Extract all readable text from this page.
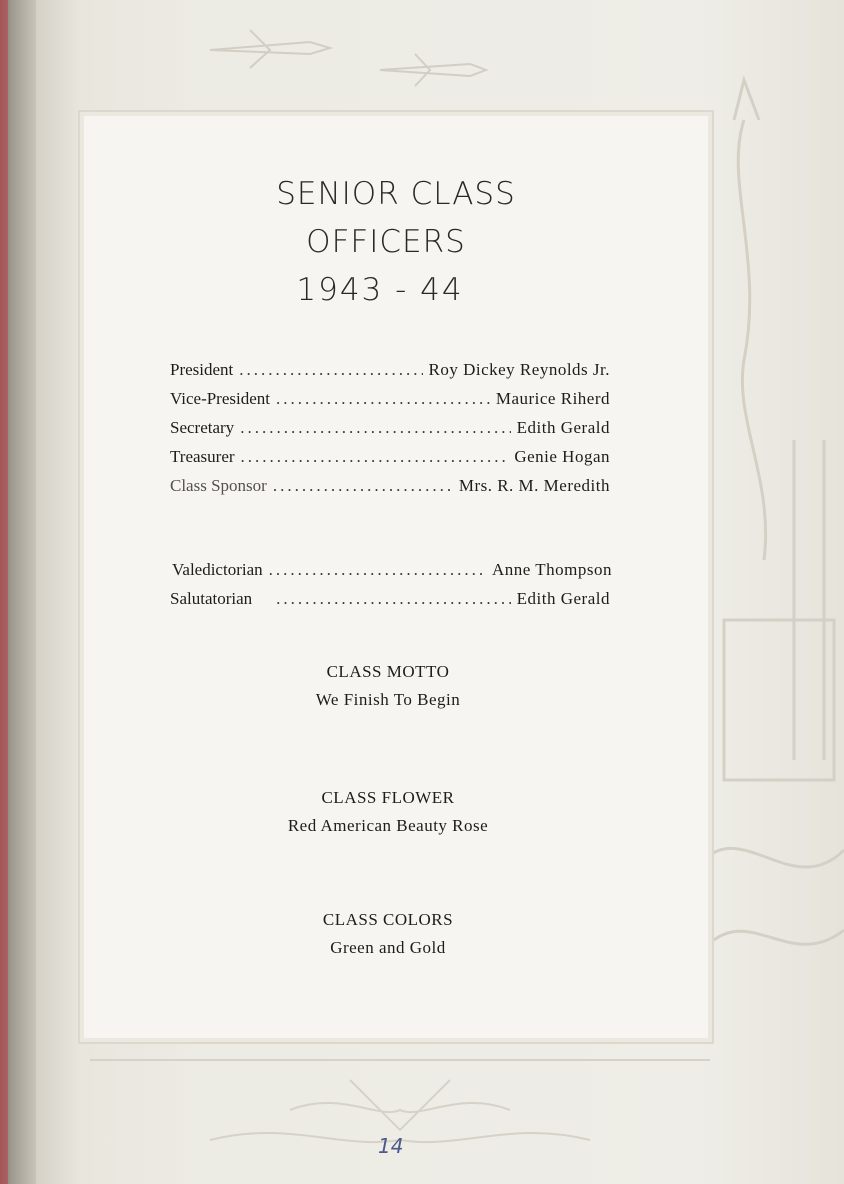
SENIOR CLASS
OFFICERS
1943 - 44
President .....	Roy Dickey Reynolds Jr.
Vice-President .....	Maurice Riherd
Secretary .....	Edith Gerald
Treasurer .....	Genie Hogan
Class Sponsor .....	Mrs. R. M. Meredith
Valedictorian .....	Anne Thompson
Salutatorian .....	Edith Gerald
CLASS MOTTO
We Finish To Begin
CLASS FLOWER
Red American Beauty Rose
CLASS COLORS
Green and Gold
14
